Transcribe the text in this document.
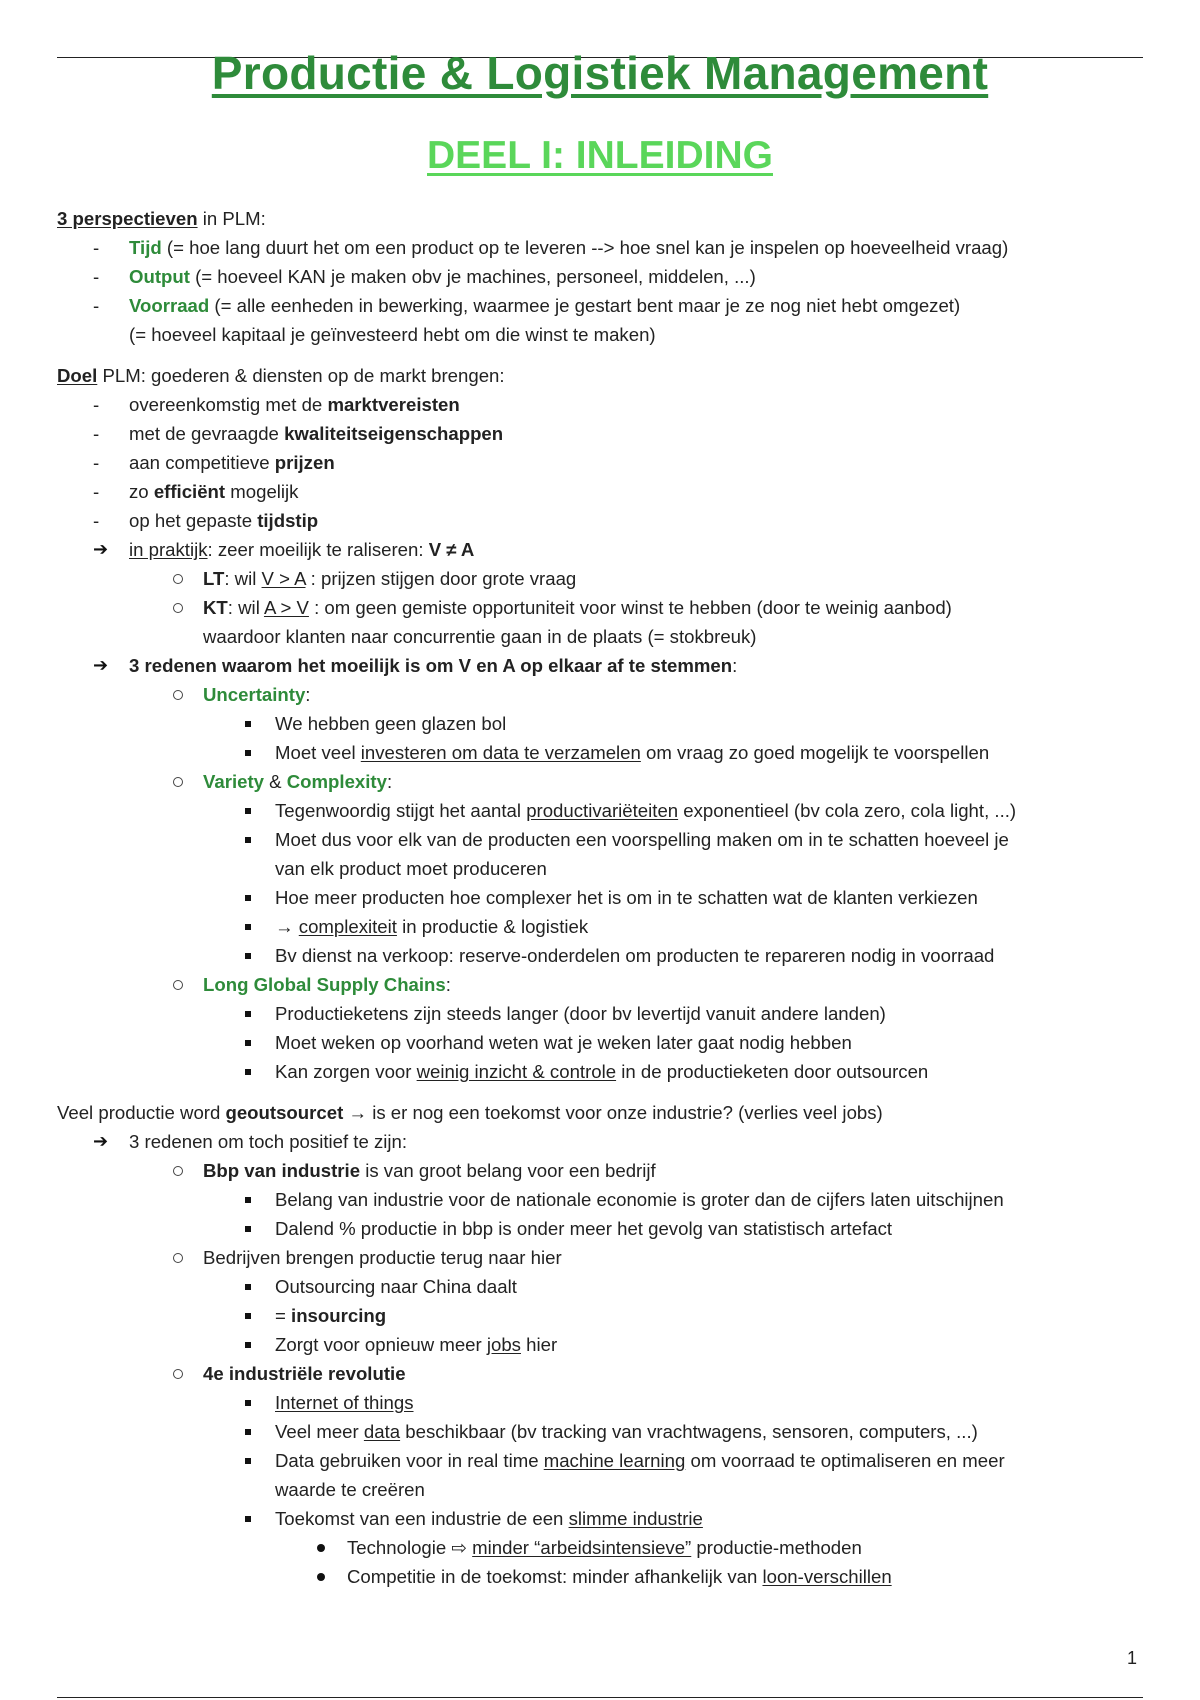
Productie & Logistiek Management
DEEL I: INLEIDING
3 perspectieven in PLM:
- Tijd (= hoe lang duurt het om een product op te leveren --> hoe snel kan je inspelen op hoeveelheid vraag)
- Output (= hoeveel KAN je maken obv je machines, personeel, middelen, ...)
- Voorraad (= alle eenheden in bewerking, waarmee je gestart bent maar je ze nog niet hebt omgezet)
(= hoeveel kapitaal je geïnvesteerd hebt om die winst te maken)
Doel PLM: goederen & diensten op de markt brengen:
- overeenkomstig met de marktvereisten
- met de gevraagde kwaliteitseigenschappen
- aan competitieve prijzen
- zo efficiënt mogelijk
- op het gepaste tijdstip
➔ in praktijk: zeer moeilijk te raliseren: V ≠ A
LT: wil V > A : prijzen stijgen door grote vraag
KT: wil A > V : om geen gemiste opportuniteit voor winst te hebben (door te weinig aanbod)
waardoor klanten naar concurrentie gaan in de plaats (= stokbreuk)
➔ 3 redenen waarom het moeilijk is om V en A op elkaar af te stemmen:
Uncertainty:
We hebben geen glazen bol
Moet veel investeren om data te verzamelen om vraag zo goed mogelijk te voorspellen
Variety & Complexity:
Tegenwoordig stijgt het aantal productivariëteiten exponentieel (bv cola zero, cola light, ...)
Moet dus voor elk van de producten een voorspelling maken om in te schatten hoeveel je
van elk product moet produceren
Hoe meer producten hoe complexer het is om in te schatten wat de klanten verkiezen
→ complexiteit in productie & logistiek
Bv dienst na verkoop: reserve-onderdelen om producten te repareren nodig in voorraad
Long Global Supply Chains:
Productieketens zijn steeds langer (door bv levertijd vanuit andere landen)
Moet weken op voorhand weten wat je weken later gaat nodig hebben
Kan zorgen voor weinig inzicht & controle in de productieketen door outsourcen
Veel productie word geoutsourcet → is er nog een toekomst voor onze industrie? (verlies veel jobs)
➔ 3 redenen om toch positief te zijn:
Bbp van industrie is van groot belang voor een bedrijf
Belang van industrie voor de nationale economie is groter dan de cijfers laten uitschijnen
Dalend % productie in bbp is onder meer het gevolg van statistisch artefact
Bedrijven brengen productie terug naar hier
Outsourcing naar China daalt
= insourcing
Zorgt voor opnieuw meer jobs hier
4e industriële revolutie
Internet of things
Veel meer data beschikbaar (bv tracking van vrachtwagens, sensoren, computers, ...)
Data gebruiken voor in real time machine learning om voorraad te optimaliseren en meer
waarde te creëren
Toekomst van een industrie de een slimme industrie
Technologie ⇨ minder “arbeidsintensieve” productie-methoden
Competitie in de toekomst: minder afhankelijk van loon-verschillen
1
